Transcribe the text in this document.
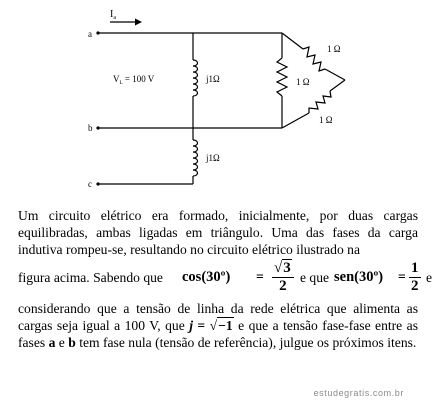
$I_a$
a
b
c
$V_L = 100$ V	j1Ω
j1Ω
1 Ω
1 Ω
1 Ω
Um circuito elétrico era formado, inicialmente, por duas cargas equilibradas, ambas ligadas em triângulo. Uma das fases da carga indutiva rompeu-se, resultando no circuito elétrico ilustrado na
figura acima. Sabendo que cos(30º) = $\frac{√3}{2}$ e que sen(30º) = $\frac{1}{2}$ e
considerando que a tensão de linha da rede elétrica que alimenta as cargas seja igual a 100 V, que j = √−1 e que a tensão fase-fase entre as fases a e b tem fase nula (tensão de referência), julgue os próximos itens.
estudegratis.com.br
